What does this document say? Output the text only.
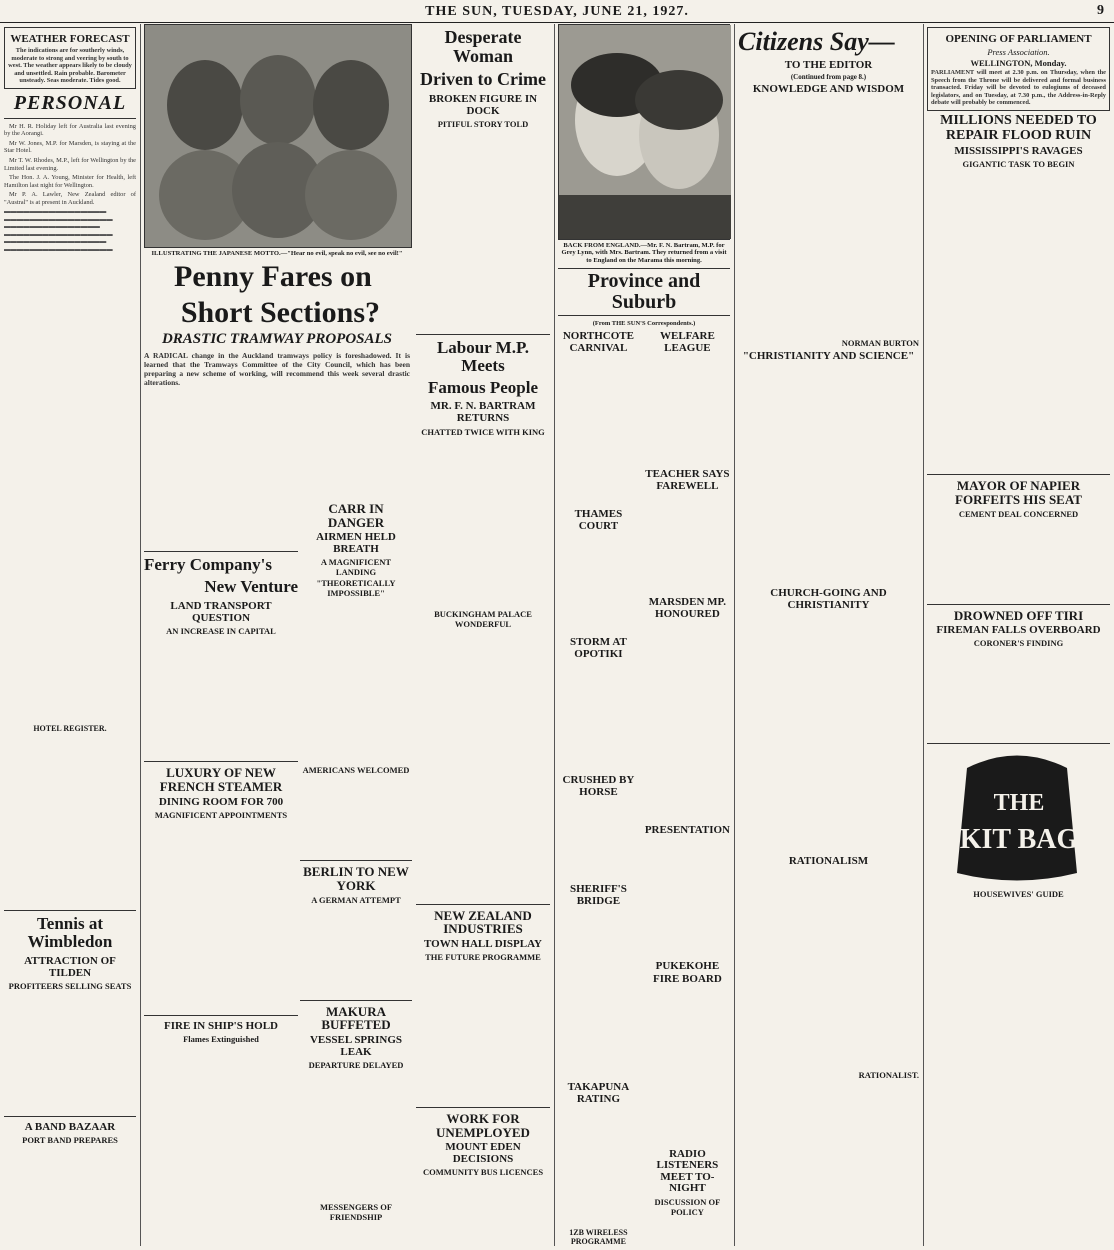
THE SUN, TUESDAY, JUNE 21, 1927.	9
WEATHER FORECAST
The indications are for southerly winds, moderate to strong and veering by south to west. The weather appears likely to be cloudy and unsettled. Rain probable. Barometer unsteady. Seas moderate. Tides good.
PERSONAL

Mr H. R. Holiday left for Australia last evening by the Aorangi.

Mr W. Jones, M.P. for Marsden, is staying at the Star Hotel.

Mr T. W. Rhodes, M.P., left for Wellington by the Limited last evening.

The Hon. J. A. Young, Minister for Health, left Hamilton last night for Wellington.

Mr P. A. Lawler, New Zealand editor of "Austral" is at present in Auckland.

▬▬▬▬▬▬▬▬▬▬▬▬▬▬▬▬ ▬▬▬▬▬▬▬▬▬▬▬▬▬▬▬▬▬ ▬▬▬▬▬▬▬▬▬▬▬▬▬▬▬ ▬▬▬▬▬▬▬▬▬▬▬▬▬▬▬▬▬ ▬▬▬▬▬▬▬▬▬▬▬▬▬▬▬▬ ▬▬▬▬▬▬▬▬▬▬▬▬▬▬▬▬▬
HOTEL REGISTER.
Tennis at Wimbledon
ATTRACTION OF TILDEN
PROFITEERS SELLING SEATS
A BAND BAZAAR
PORT BAND PREPARES
ILLUSTRATING THE JAPANESE MOTTO.—"Hear no evil, speak no evil, see no evil!"
Penny Fares on
Short Sections?
DRASTIC TRAMWAY PROPOSALS
A RADICAL change in the Auckland tramways policy is foreshadowed. It is learned that the Tramways Committee of the City Council, which has been preparing a new scheme of working, will recommend this week several drastic alterations.
Ferry Company's
New Venture
LAND TRANSPORT QUESTION
AN INCREASE IN CAPITAL
LUXURY OF NEW FRENCH STEAMER
DINING ROOM FOR 700
MAGNIFICENT APPOINTMENTS
FIRE IN SHIP'S HOLD
Flames Extinguished
CARR IN DANGER
AIRMEN HELD BREATH
A MAGNIFICENT LANDING
"THEORETICALLY IMPOSSIBLE"
AMERICANS WELCOMED
BERLIN TO NEW YORK
A GERMAN ATTEMPT
MAKURA BUFFETED
VESSEL SPRINGS LEAK
DEPARTURE DELAYED
MESSENGERS OF FRIENDSHIP
Desperate Woman
Driven to Crime
BROKEN FIGURE IN DOCK
PITIFUL STORY TOLD
Labour M.P. Meets
Famous People
MR. F. N. BARTRAM RETURNS
CHATTED TWICE WITH KING
BUCKINGHAM PALACE WONDERFUL
NEW ZEALAND INDUSTRIES
TOWN HALL DISPLAY
THE FUTURE PROGRAMME
WORK FOR UNEMPLOYED
MOUNT EDEN DECISIONS
COMMUNITY BUS LICENCES
BACK FROM ENGLAND.—Mr. F. N. Bartram, M.P. for Grey Lynn, with Mrs. Bartram. They returned from a visit to England on the Marama this morning.
Province and Suburb
(From THE SUN'S Correspondents.)
NORTHCOTE CARNIVAL
THAMES COURT
STORM AT OPOTIKI
CRUSHED BY HORSE
SHERIFF'S BRIDGE
TAKAPUNA RATING
1ZB WIRELESS PROGRAMME
WELFARE LEAGUE
TEACHER SAYS FAREWELL
MARSDEN MP. HONOURED
PRESENTATION
PUKEKOHE FIRE BOARD
RADIO LISTENERS MEET TO-NIGHT
DISCUSSION OF POLICY
Citizens Say—
TO THE EDITOR
(Continued from page 8.)
KNOWLEDGE AND WISDOM
NORMAN BURTON
"CHRISTIANITY AND SCIENCE"
CHURCH-GOING AND CHRISTIANITY
RATIONALISM
RATIONALIST.
OPENING OF PARLIAMENT
Press Association.
WELLINGTON, Monday.
PARLIAMENT will meet at 2.30 p.m. on Thursday, when the Speech from the Throne will be delivered and formal business transacted. Friday will be devoted to eulogiums of deceased legislators, and on Tuesday, at 7.30 p.m., the Address-in-Reply debate will probably be commenced.
MILLIONS NEEDED TO REPAIR FLOOD RUIN
MISSISSIPPI'S RAVAGES
GIGANTIC TASK TO BEGIN
MAYOR OF NAPIER FORFEITS HIS SEAT
CEMENT DEAL CONCERNED
DROWNED OFF TIRI
FIREMAN FALLS OVERBOARD
CORONER'S FINDING
THE
KIT BAG
HOUSEWIVES' GUIDE
